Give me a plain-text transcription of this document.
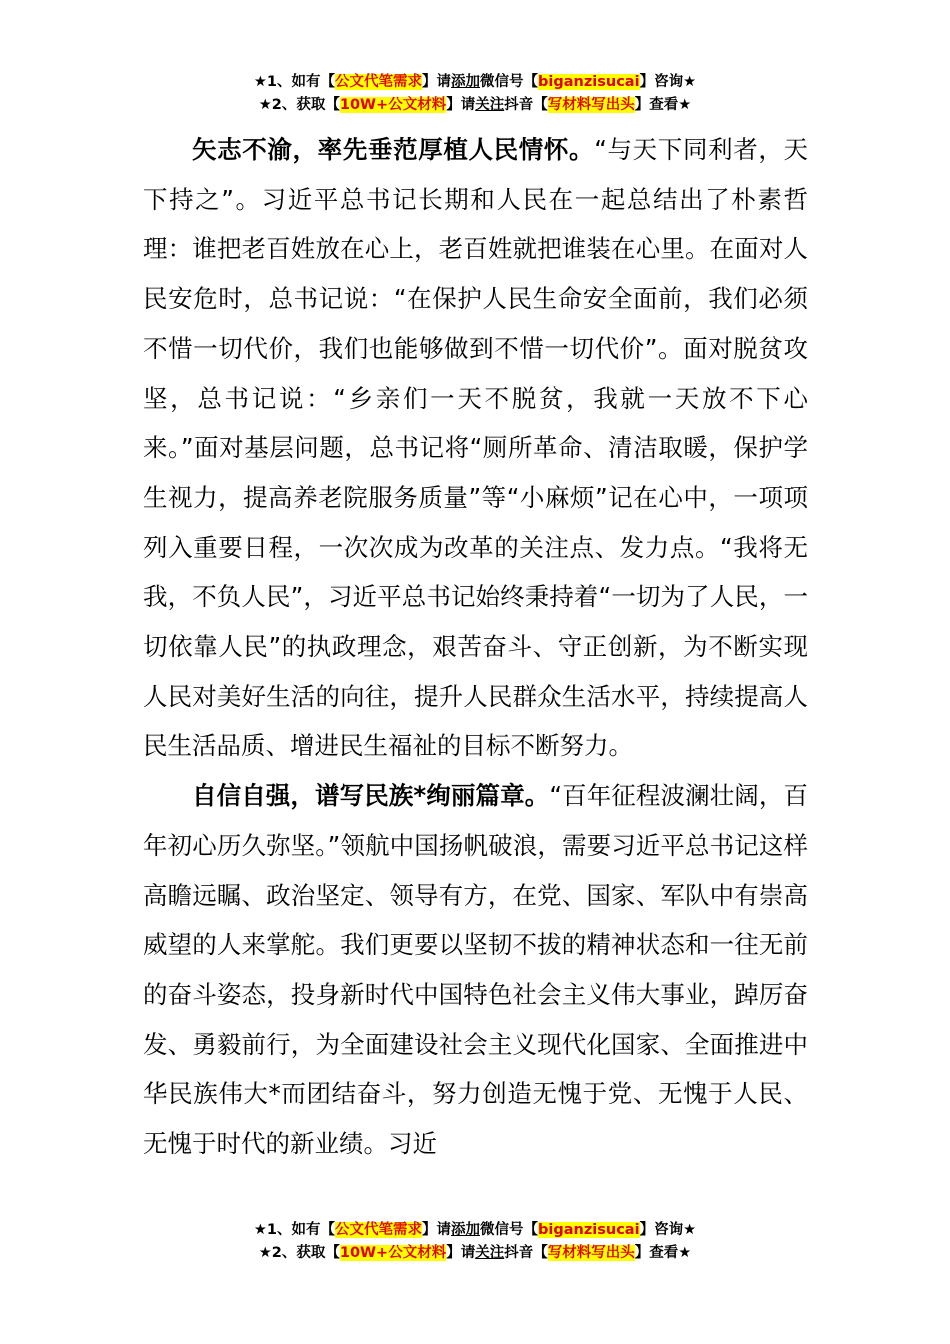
★1、如有【公文代笔需求】请添加微信号【biganzisucai】咨询★
★2、获取【10W+公文材料】请关注抖音【写材料写出头】查看★

矢志不渝，率先垂范厚植人民情怀。“与天下同利者，天下持之”。习近平总书记长期和人民在一起总结出了朴素哲理：谁把老百姓放在心上，老百姓就把谁装在心里。在面对人民安危时，总书记说：“在保护人民生命安全面前，我们必须不惜一切代价，我们也能够做到不惜一切代价”。面对脱贫攻坚，总书记说：“乡亲们一天不脱贫，我就一天放不下心来。”面对基层问题，总书记将“厕所革命、清洁取暖，保护学生视力，提高养老院服务质量”等“小麻烦”记在心中，一项项列入重要日程，一次次成为改革的关注点、发力点。“我将无我，不负人民”，习近平总书记始终秉持着“一切为了人民，一切依靠人民”的执政理念，艰苦奋斗、守正创新，为不断实现人民对美好生活的向往，提升人民群众生活水平，持续提高人民生活品质、增进民生福祉的目标不断努力。

自信自强，谱写民族*绚丽篇章。“百年征程波澜壮阔，百年初心历久弥坚。”领航中国扬帆破浪，需要习近平总书记这样高瞻远瞩、政治坚定、领导有方，在党、国家、军队中有崇高威望的人来掌舵。我们更要以坚韧不拔的精神状态和一往无前的奋斗姿态，投身新时代中国特色社会主义伟大事业，踔厉奋发、勇毅前行，为全面建设社会主义现代化国家、全面推进中华民族伟大*而团结奋斗，努力创造无愧于党、无愧于人民、无愧于时代的新业绩。习近

★1、如有【公文代笔需求】请添加微信号【biganzisucai】咨询★
★2、获取【10W+公文材料】请关注抖音【写材料写出头】查看★
